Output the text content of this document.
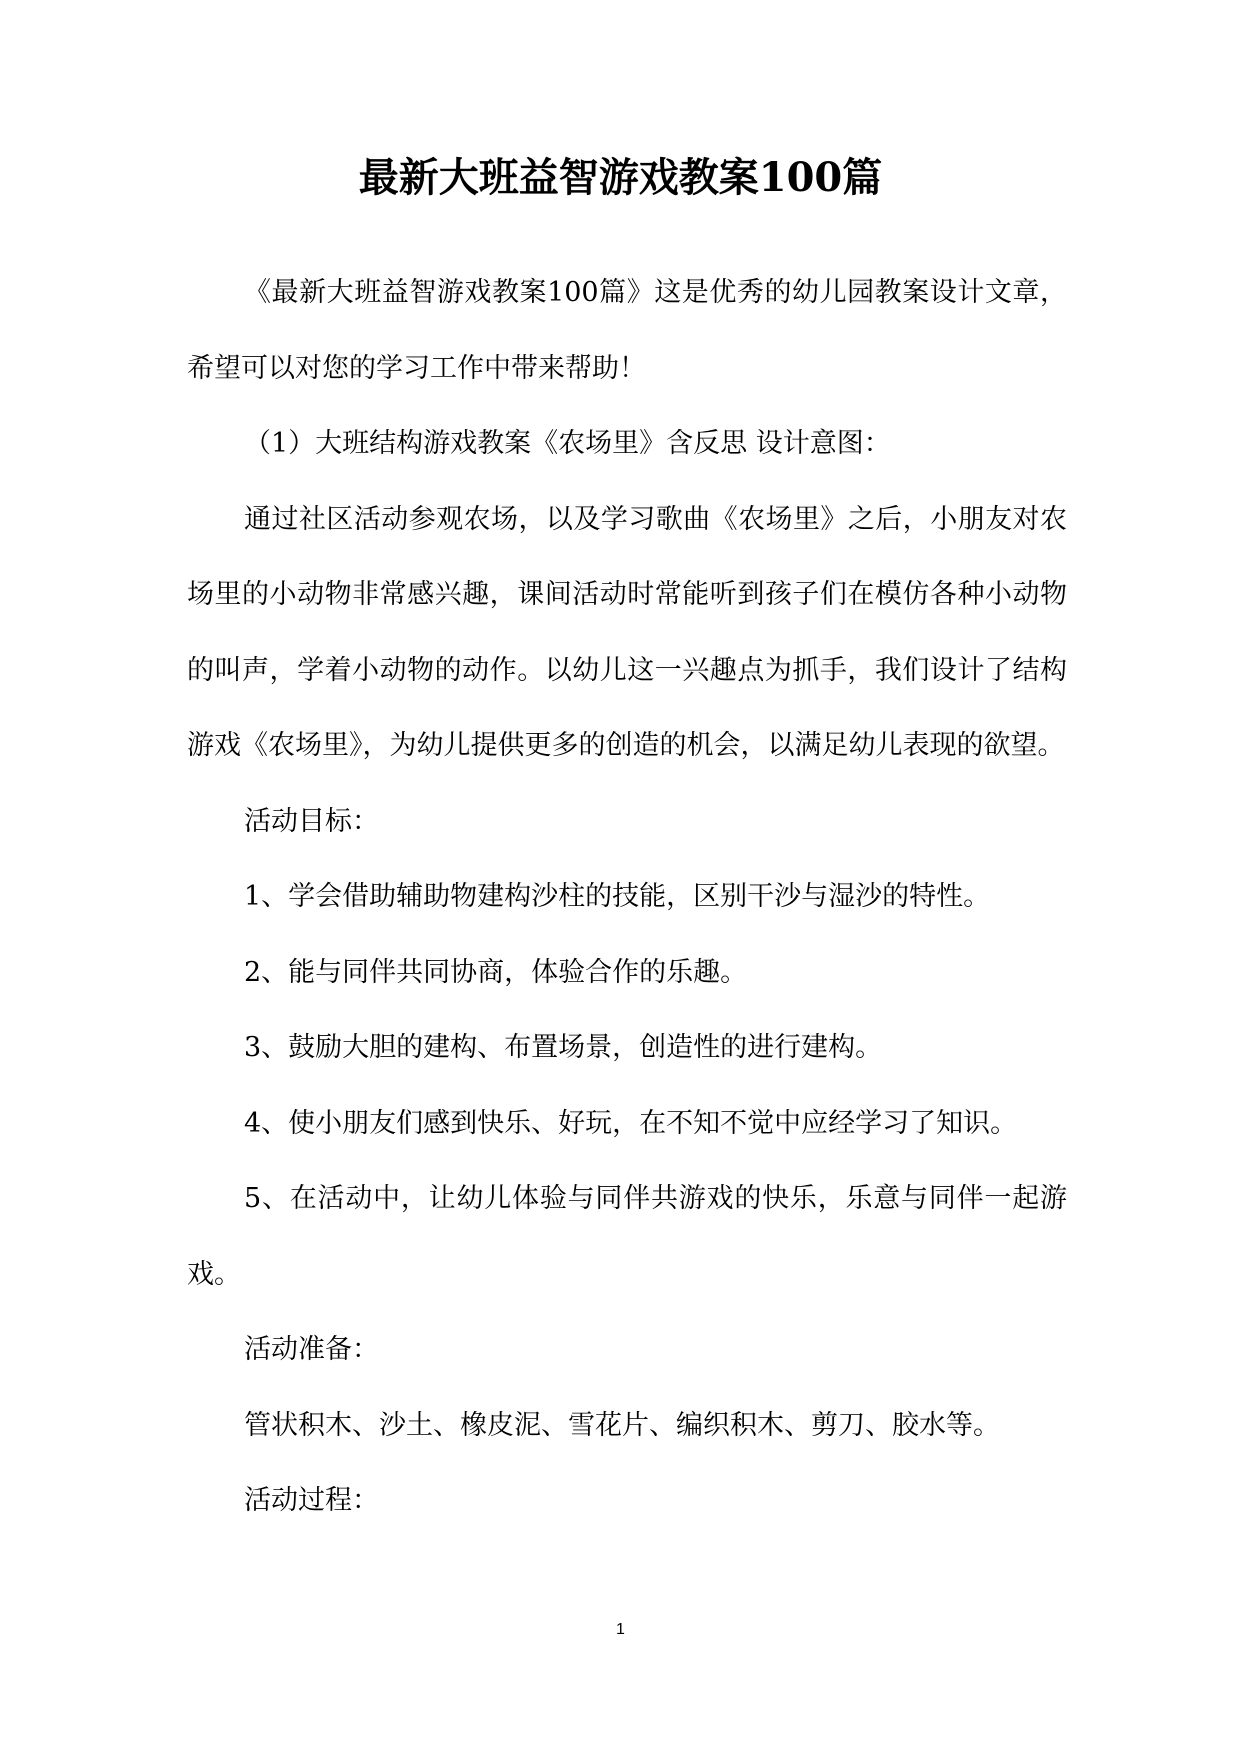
最新大班益智游戏教案100篇

《最新大班益智游戏教案100篇》这是优秀的幼儿园教案设计文章，希望可以对您的学习工作中带来帮助！

（1）大班结构游戏教案《农场里》含反思 设计意图：

通过社区活动参观农场，以及学习歌曲《农场里》之后，小朋友对农场里的小动物非常感兴趣，课间活动时常能听到孩子们在模仿各种小动物的叫声，学着小动物的动作。以幼儿这一兴趣点为抓手，我们设计了结构游戏《农场里》，为幼儿提供更多的创造的机会，以满足幼儿表现的欲望。

活动目标：

1、学会借助辅助物建构沙柱的技能，区别干沙与湿沙的特性。

2、能与同伴共同协商，体验合作的乐趣。

3、鼓励大胆的建构、布置场景，创造性的进行建构。

4、使小朋友们感到快乐、好玩，在不知不觉中应经学习了知识。

5、在活动中，让幼儿体验与同伴共游戏的快乐，乐意与同伴一起游戏。

活动准备：

管状积木、沙土、橡皮泥、雪花片、编织积木、剪刀、胶水等。

活动过程：

1
